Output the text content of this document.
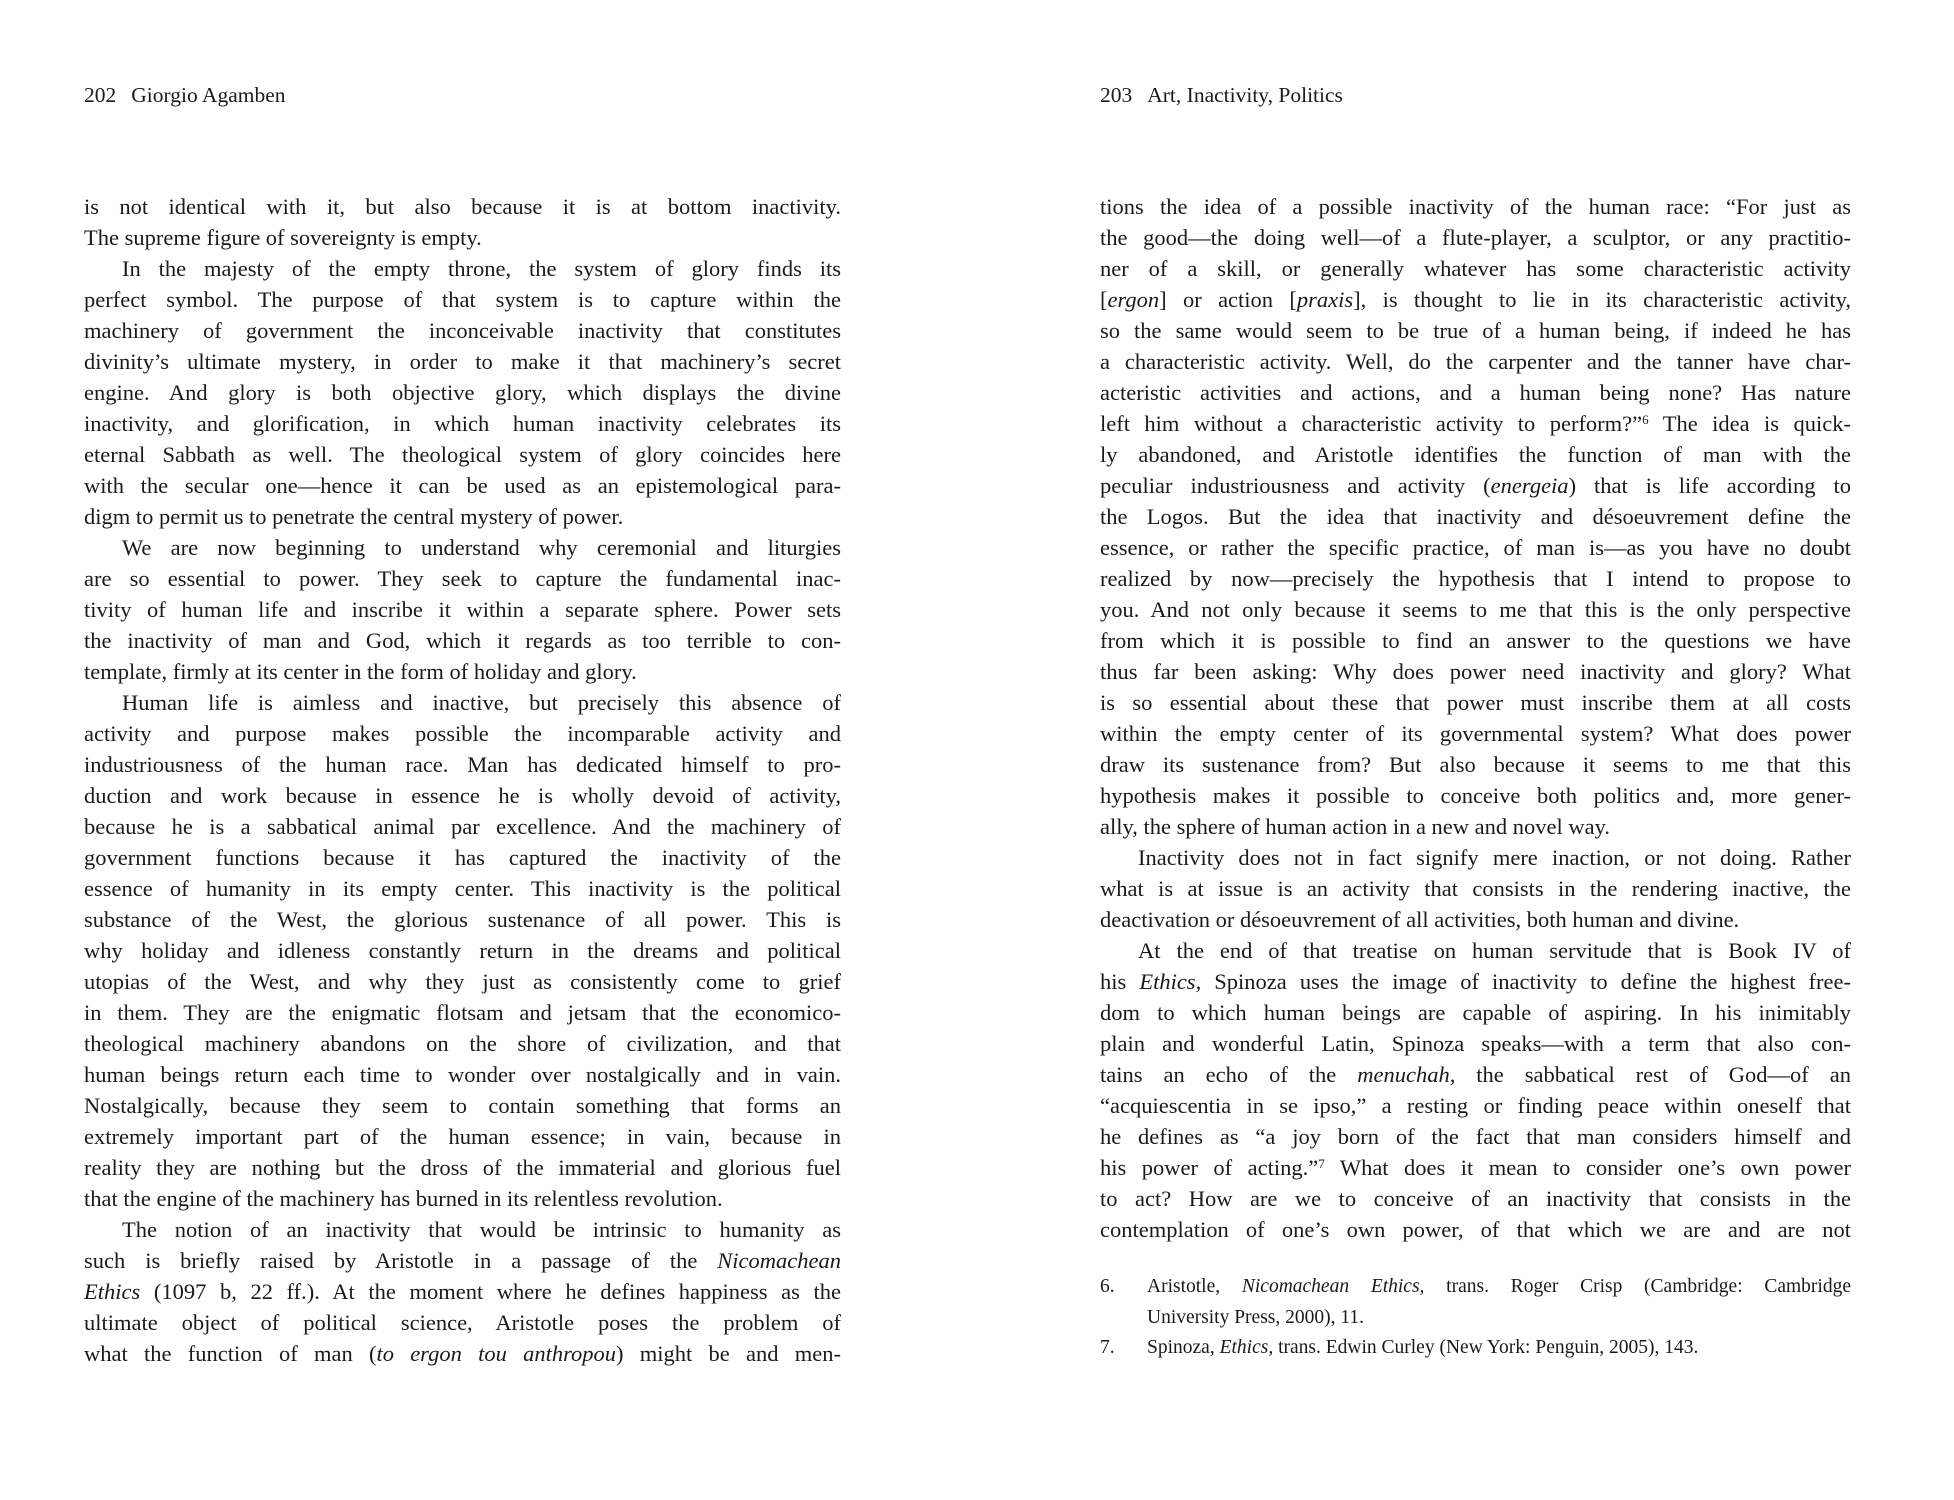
202 Giorgio Agamben
is not identical with it, but also because it is at bottom inactivity.
The supreme figure of sovereignty is empty.
In the majesty of the empty throne, the system of glory finds its
perfect symbol. The purpose of that system is to capture within the
machinery of government the inconceivable inactivity that constitutes
divinity’s ultimate mystery, in order to make it that machinery’s secret
engine. And glory is both objective glory, which displays the divine
inactivity, and glorification, in which human inactivity celebrates its
eternal Sabbath as well. The theological system of glory coincides here
with the secular one—hence it can be used as an epistemological para-
digm to permit us to penetrate the central mystery of power.
We are now beginning to understand why ceremonial and liturgies
are so essential to power. They seek to capture the fundamental inac-
tivity of human life and inscribe it within a separate sphere. Power sets
the inactivity of man and God, which it regards as too terrible to con-
template, firmly at its center in the form of holiday and glory.
Human life is aimless and inactive, but precisely this absence of
activity and purpose makes possible the incomparable activity and
industriousness of the human race. Man has dedicated himself to pro-
duction and work because in essence he is wholly devoid of activity,
because he is a sabbatical animal par excellence. And the machinery of
government functions because it has captured the inactivity of the
essence of humanity in its empty center. This inactivity is the political
substance of the West, the glorious sustenance of all power. This is
why holiday and idleness constantly return in the dreams and political
utopias of the West, and why they just as consistently come to grief
in them. They are the enigmatic flotsam and jetsam that the economico-
theological machinery abandons on the shore of civilization, and that
human beings return each time to wonder over nostalgically and in vain.
Nostalgically, because they seem to contain something that forms an
extremely important part of the human essence; in vain, because in
reality they are nothing but the dross of the immaterial and glorious fuel
that the engine of the machinery has burned in its relentless revolution.
The notion of an inactivity that would be intrinsic to humanity as
such is briefly raised by Aristotle in a passage of the Nicomachean
Ethics (1097 b, 22 ff.). At the moment where he defines happiness as the
ultimate object of political science, Aristotle poses the problem of
what the function of man (to ergon tou anthropou) might be and men-
203 Art, Inactivity, Politics
tions the idea of a possible inactivity of the human race: “For just as
the good—the doing well—of a flute-player, a sculptor, or any practitio-
ner of a skill, or generally whatever has some characteristic activity
[ergon] or action [praxis], is thought to lie in its characteristic activity,
so the same would seem to be true of a human being, if indeed he has
a characteristic activity. Well, do the carpenter and the tanner have char-
acteristic activities and actions, and a human being none? Has nature
left him without a characteristic activity to perform?”$^6$ The idea is quick-
ly abandoned, and Aristotle identifies the function of man with the
peculiar industriousness and activity (energeia) that is life according to
the Logos. But the idea that inactivity and désoeuvrement define the
essence, or rather the specific practice, of man is—as you have no doubt
realized by now—precisely the hypothesis that I intend to propose to
you. And not only because it seems to me that this is the only perspective
from which it is possible to find an answer to the questions we have
thus far been asking: Why does power need inactivity and glory? What
is so essential about these that power must inscribe them at all costs
within the empty center of its governmental system? What does power
draw its sustenance from? But also because it seems to me that this
hypothesis makes it possible to conceive both politics and, more gener-
ally, the sphere of human action in a new and novel way.
Inactivity does not in fact signify mere inaction, or not doing. Rather
what is at issue is an activity that consists in the rendering inactive, the
deactivation or désoeuvrement of all activities, both human and divine.
At the end of that treatise on human servitude that is Book IV of
his Ethics, Spinoza uses the image of inactivity to define the highest free-
dom to which human beings are capable of aspiring. In his inimitably
plain and wonderful Latin, Spinoza speaks—with a term that also con-
tains an echo of the menuchah, the sabbatical rest of God—of an
“acquiescentia in se ipso,” a resting or finding peace within oneself that
he defines as “a joy born of the fact that man considers himself and
his power of acting.”$^7$ What does it mean to consider one’s own power
to act? How are we to conceive of an inactivity that consists in the
contemplation of one’s own power, of that which we are and are not
6.	Aristotle, Nicomachean Ethics, trans. Roger Crisp (Cambridge: Cambridge
University Press, 2000), 11.
7.	Spinoza, Ethics, trans. Edwin Curley (New York: Penguin, 2005), 143.
